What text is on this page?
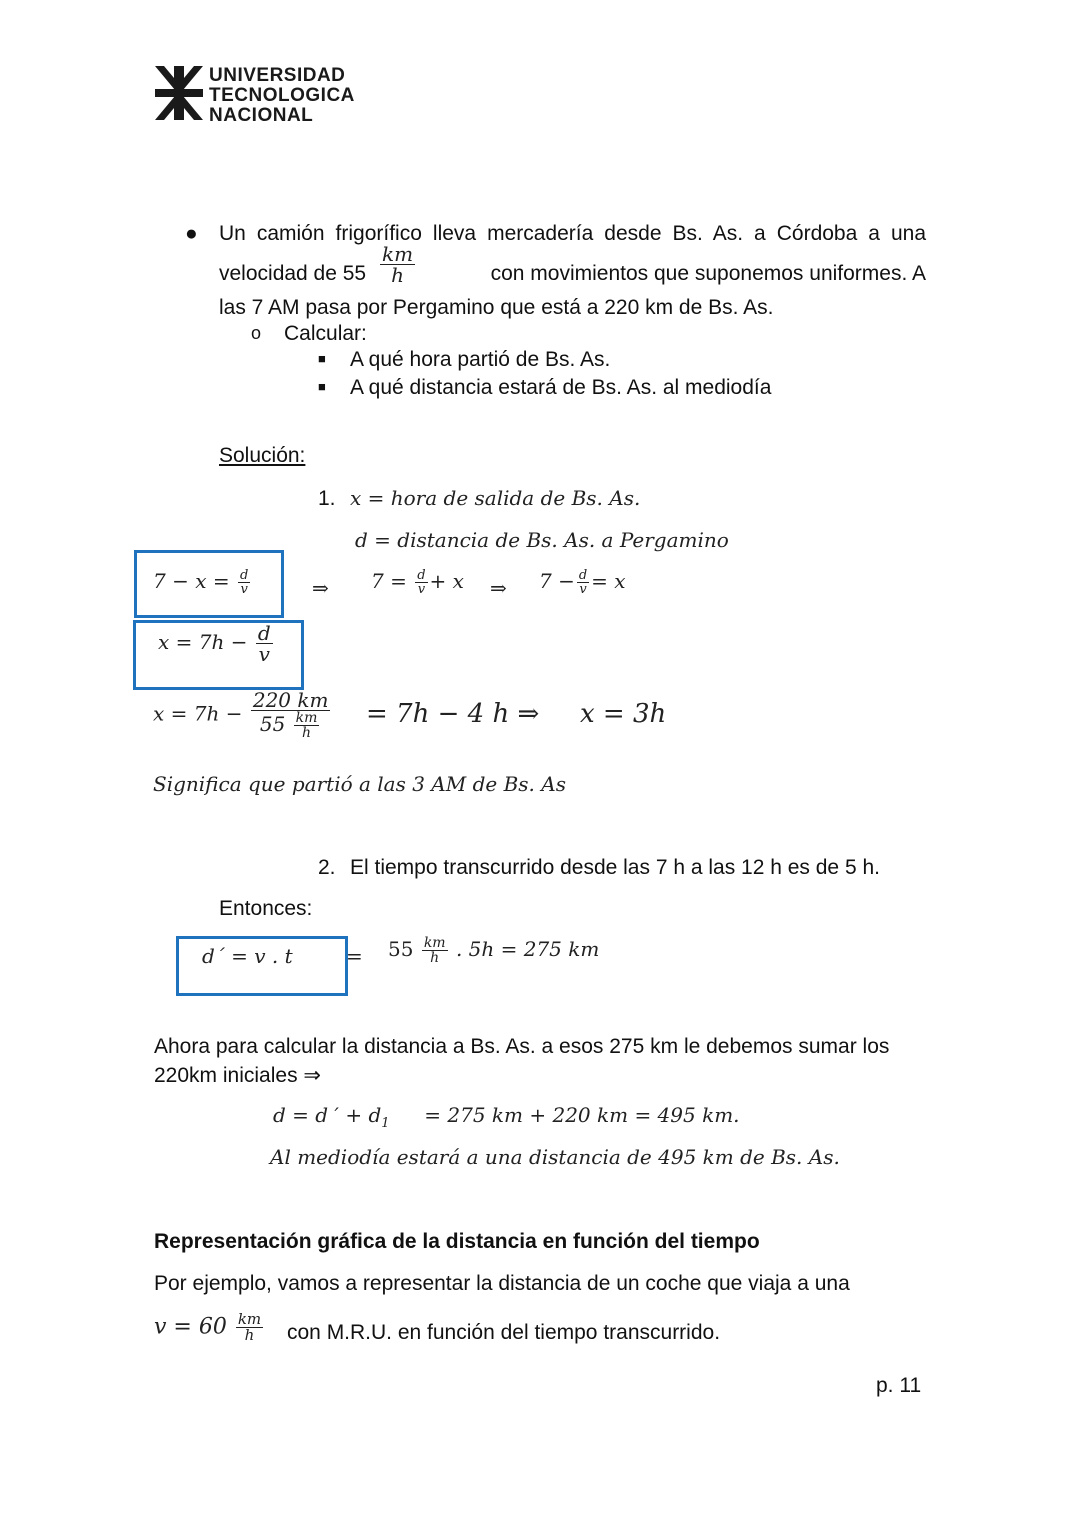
UNIVERSIDAD
TECNOLOGICA
NACIONAL
● Un camión frigorífico lleva mercadería desde Bs. As. a Córdoba a una
velocidad de $55 \frac{km}{h}$	con movimientos que suponemos uniformes. A
las 7 AM pasa por Pergamino que está a 220 km de Bs. As.
o Calcular:
■ A qué hora partió de Bs. As.
■ A qué distancia estará de Bs. As. al mediodía
Solución:
1. x = hora de salida de Bs. As.
d = distancia de Bs. As. a Pergamino
$7 - x = \frac{d}{v}$	⇒ $7 = \frac{d}{v} + x$ ⇒ $7 - \frac{d}{v} = x$
$x = 7h - \frac{d}{v}$
$x = 7h - \frac{220 km}{55 \frac{km}{h}} = 7h - 4$ h ⇒ x = 3h
Significa que partió a las 3 AM de Bs. As
2. El tiempo transcurrido desde las 7 h a las 12 h es de 5 h.
Entonces:
d´ = v . t	= $55 \frac{km}{h}$ . 5h = 275 km
Ahora para calcular la distancia a Bs. As. a esos 275 km le debemos sumar los
220km iniciales ⇒
d = d ′ + $d_1 = 275$ km + 220 km = 495 km.
Al mediodía estará a una distancia de 495 km de Bs. As.
Representación gráfica de la distancia en función del tiempo
Por ejemplo, vamos a representar la distancia de un coche que viaja a una
$v = 60 \frac{km}{h}$ con M.R.U. en función del tiempo transcurrido.
p. 11
